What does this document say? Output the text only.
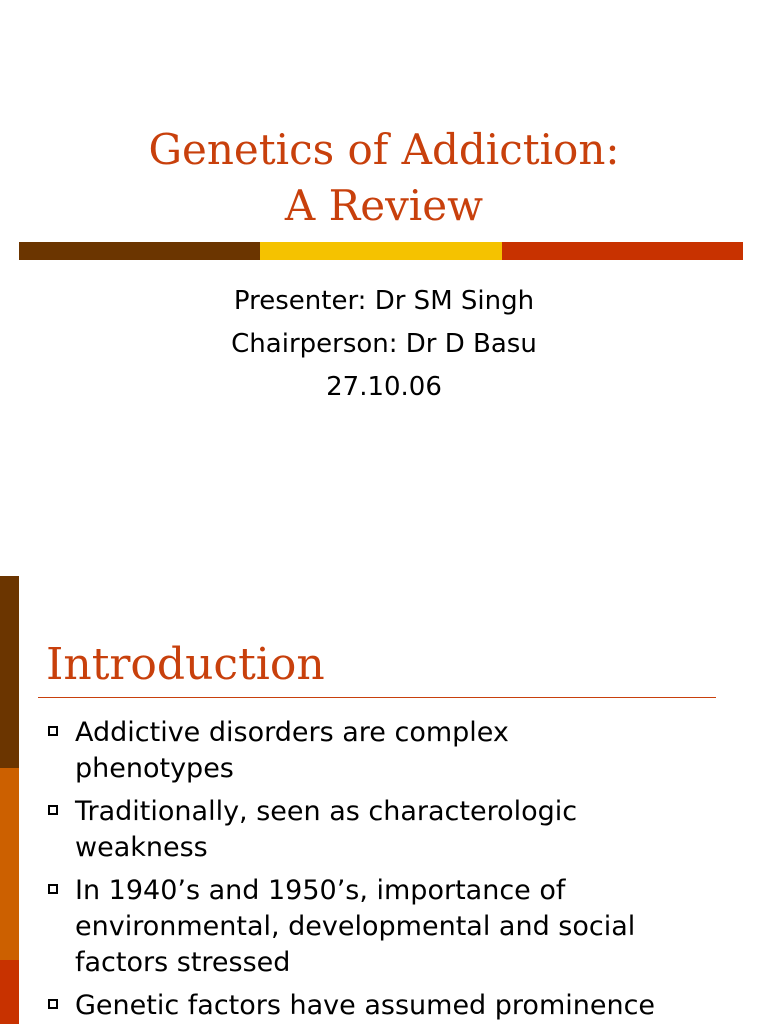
Genetics of Addiction:
A Review
Presenter: Dr SM Singh
Chairperson: Dr D Basu
27.10.06
Introduction
Addictive disorders are complex
phenotypes
Traditionally, seen as characterologic
weakness
In 1940’s and 1950’s, importance of
environmental, developmental and social
factors stressed
Genetic factors have assumed prominence
